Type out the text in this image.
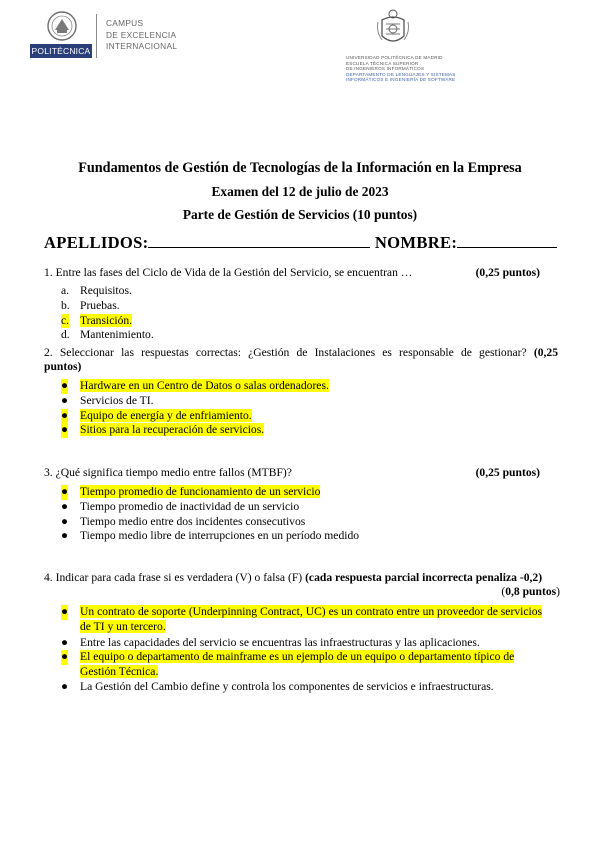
POLITÉCNICA
CAMPUS
DE EXCELENCIA
INTERNACIONAL
UNIVERSIDAD POLITÉCNICA DE MADRID
ESCUELA TÉCNICA SUPERIOR
DE INGENIEROS INFORMÁTICOS
DEPARTAMENTO DE LENGUAJES Y SISTEMAS
INFORMÁTICOS E INGENIERÍA DE SOFTWARE
Fundamentos de Gestión de Tecnologías de la Información en la Empresa
Examen del 12 de julio de 2023
Parte de Gestión de Servicios (10 puntos)
APELLIDOS:	NOMBRE:
1. Entre las fases del Ciclo de Vida de la Gestión del Servicio, se encuentran …	(0,25 puntos)
a. Requisitos.
b. Pruebas.
c. Transición.
d. Mantenimiento.
2. Seleccionar las respuestas correctas: ¿Gestión de Instalaciones es responsable de gestionar? (0,25
puntos)
● Hardware en un Centro de Datos o salas ordenadores.
● Servicios de TI.
● Equipo de energía y de enfriamiento.
● Sitios para la recuperación de servicios.
3. ¿Qué significa tiempo medio entre fallos (MTBF)?	(0,25 puntos)
● Tiempo promedio de funcionamiento de un servicio
● Tiempo promedio de inactividad de un servicio
● Tiempo medio entre dos incidentes consecutivos
● Tiempo medio libre de interrupciones en un período medido
4. Indicar para cada frase si es verdadera (V) o falsa (F) (cada respuesta parcial incorrecta penaliza -0,2)
(0,8 puntos)
● Un contrato de soporte (Underpinning Contract, UC) es un contrato entre un proveedor de servicios
de TI y un tercero.
● Entre las capacidades del servicio se encuentras las infraestructuras y las aplicaciones.
● El equipo o departamento de mainframe es un ejemplo de un equipo o departamento típico de
Gestión Técnica.
● La Gestión del Cambio define y controla los componentes de servicios e infraestructuras.
